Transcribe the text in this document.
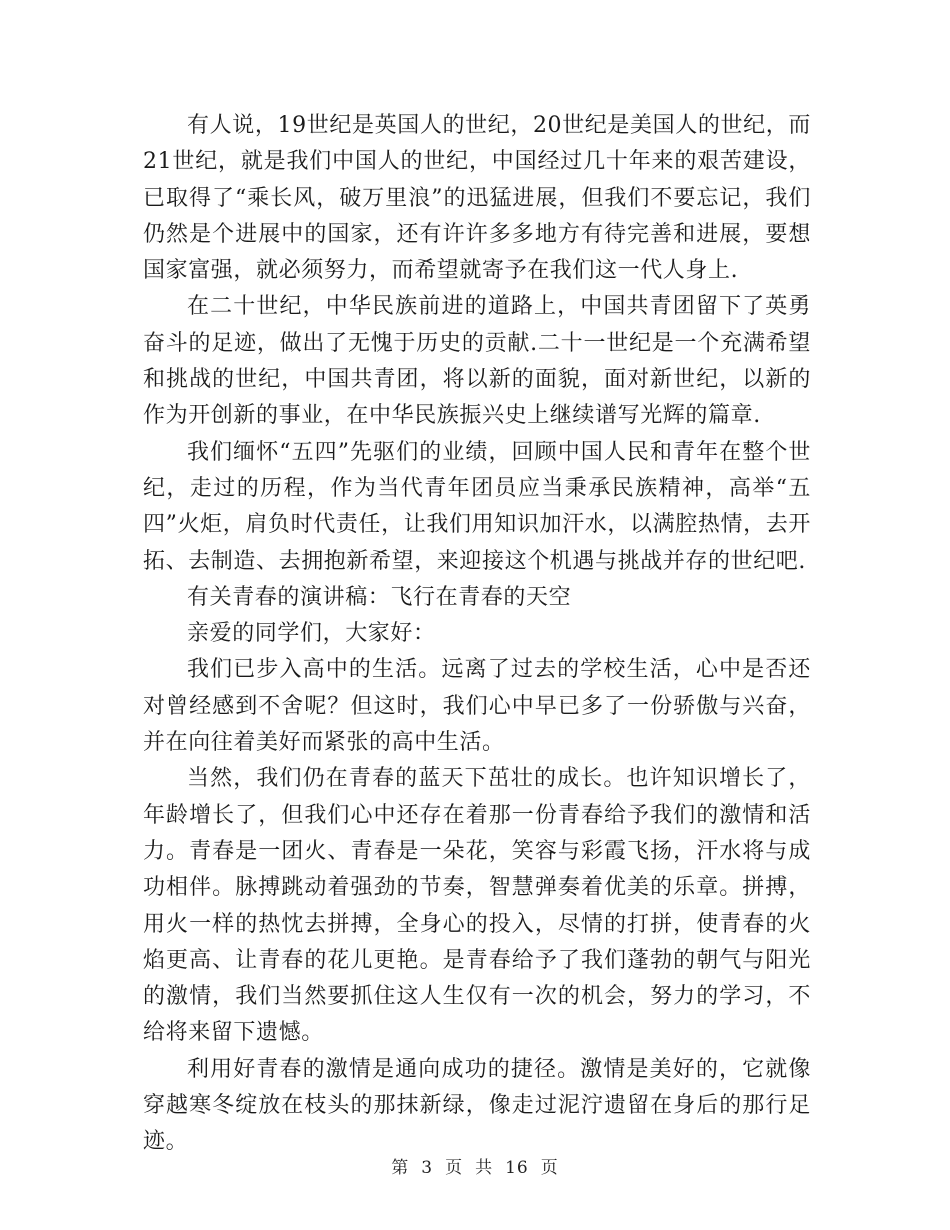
有人说，19世纪是英国人的世纪，20世纪是美国人的世纪，而21世纪，就是我们中国人的世纪，中国经过几十年来的艰苦建设，已取得了“乘长风，破万里浪”的迅猛进展，但我们不要忘记，我们仍然是个进展中的国家，还有许许多多地方有待完善和进展，要想国家富强，就必须努力，而希望就寄予在我们这一代人身上.

在二十世纪，中华民族前进的道路上，中国共青团留下了英勇奋斗的足迹，做出了无愧于历史的贡献.二十一世纪是一个充满希望和挑战的世纪，中国共青团，将以新的面貌，面对新世纪，以新的作为开创新的事业，在中华民族振兴史上继续谱写光辉的篇章.

我们缅怀“五四”先驱们的业绩，回顾中国人民和青年在整个世纪，走过的历程，作为当代青年团员应当秉承民族精神，高举“五四”火炬，肩负时代责任，让我们用知识加汗水，以满腔热情，去开拓、去制造、去拥抱新希望，来迎接这个机遇与挑战并存的世纪吧.

有关青春的演讲稿：飞行在青春的天空

亲爱的同学们，大家好：

我们已步入高中的生活。远离了过去的学校生活，心中是否还对曾经感到不舍呢？但这时，我们心中早已多了一份骄傲与兴奋，并在向往着美好而紧张的高中生活。

当然，我们仍在青春的蓝天下茁壮的成长。也许知识增长了，年龄增长了，但我们心中还存在着那一份青春给予我们的激情和活力。青春是一团火、青春是一朵花，笑容与彩霞飞扬，汗水将与成功相伴。脉搏跳动着强劲的节奏，智慧弹奏着优美的乐章。拼搏，用火一样的热忱去拼搏，全身心的投入，尽情的打拼，使青春的火焰更高、让青春的花儿更艳。是青春给予了我们蓬勃的朝气与阳光的激情，我们当然要抓住这人生仅有一次的机会，努力的学习，不给将来留下遗憾。

利用好青春的激情是通向成功的捷径。激情是美好的，它就像穿越寒冬绽放在枝头的那抹新绿，像走过泥泞遗留在身后的那行足迹。

第 3 页 共 16 页
